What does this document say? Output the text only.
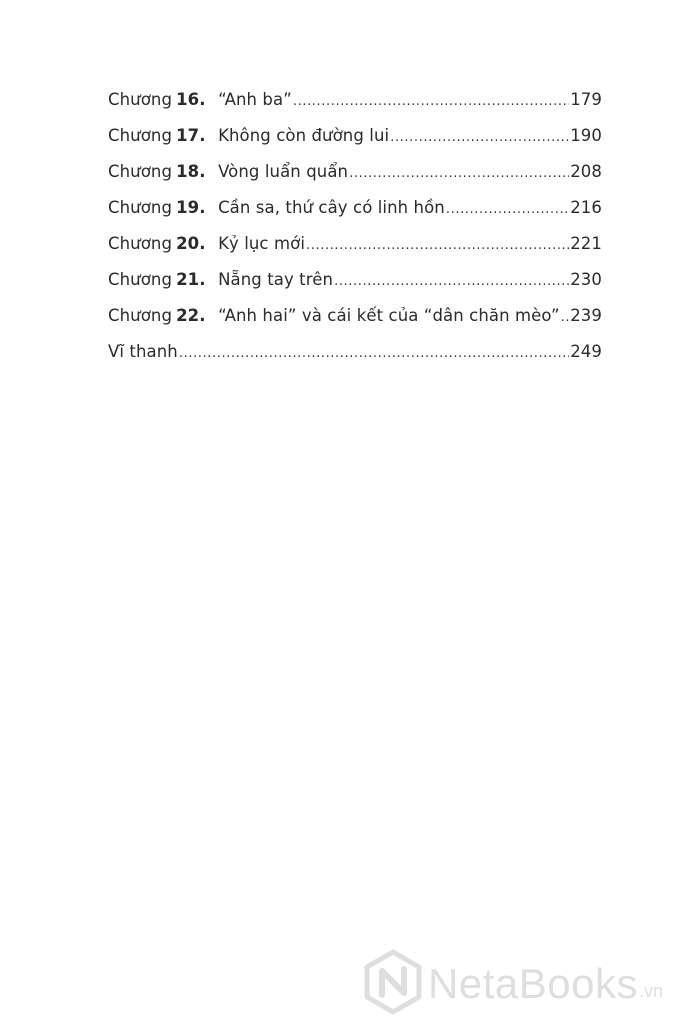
Chương 16. “Anh ba” .....	179
Chương 17. Không còn đường lui .....	190
Chương 18. Vòng luẩn quẩn .....	208
Chương 19. Cần sa, thứ cây có linh hồn .....	216
Chương 20. Kỷ lục mới .....	221
Chương 21. Nẵng tay trên .....	230
Chương 22. “Anh hai” và cái kết của “dân chăn mèo” ..... 239
Vĩ thanh .....	249
NetaBooks .vn
